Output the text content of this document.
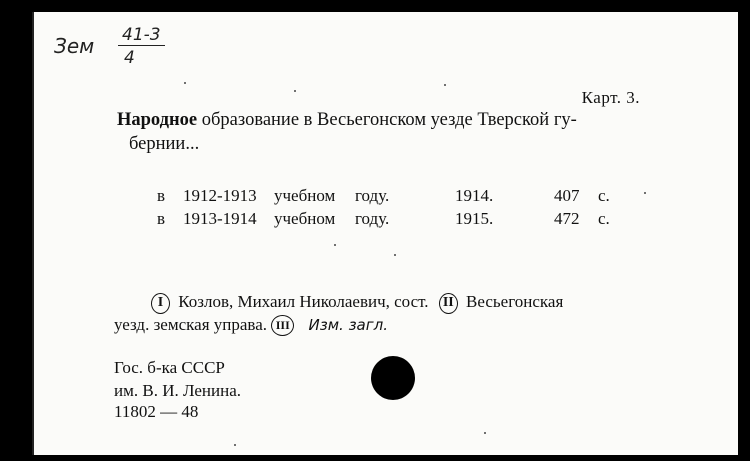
Зем 41-3
4
Карт. 3.
Народное образование в Весьегонском уезде Тверской гу-
бернии...
в 1912-1913 учебном году.	1914.	407 с.
в 1913-1914 учебном году.	1915.	472 с.
I Козлов, Михаил Николаевич, сост. II Весьегонская
уезд. земская управа. III Изм. загл.
Гос. б-ка СССР
им. В. И. Ленина.
11802 — 48
